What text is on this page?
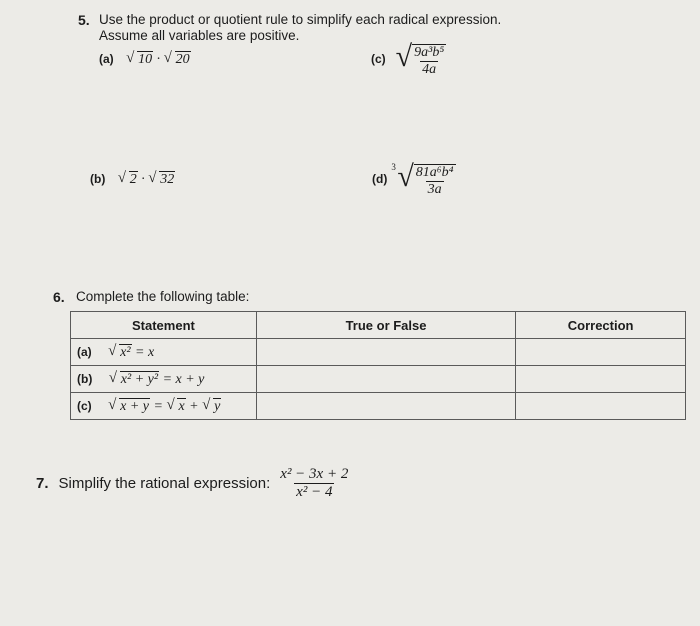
5. Use the product or quotient rule to simplify each radical expression.
Assume all variables are positive.
(a) √ 10 · √ 20	(c) √ $\frac{\text{9a³b⁵}}{4a}$
(b) √ 2 · √ 32	(d)
3 √ $\frac{\text{81a⁶b⁴}}{3a}$
6. Complete the following table:
Statement	True or False	Correction
(a) √ x² = x		
(b) √ x² + y² = x + y		
(c) √ x + y = √ x + √ y		
7. Simplify the rational expression: $\frac{\text{x² − 3x + 2}}{\text{x² − 4}}$
